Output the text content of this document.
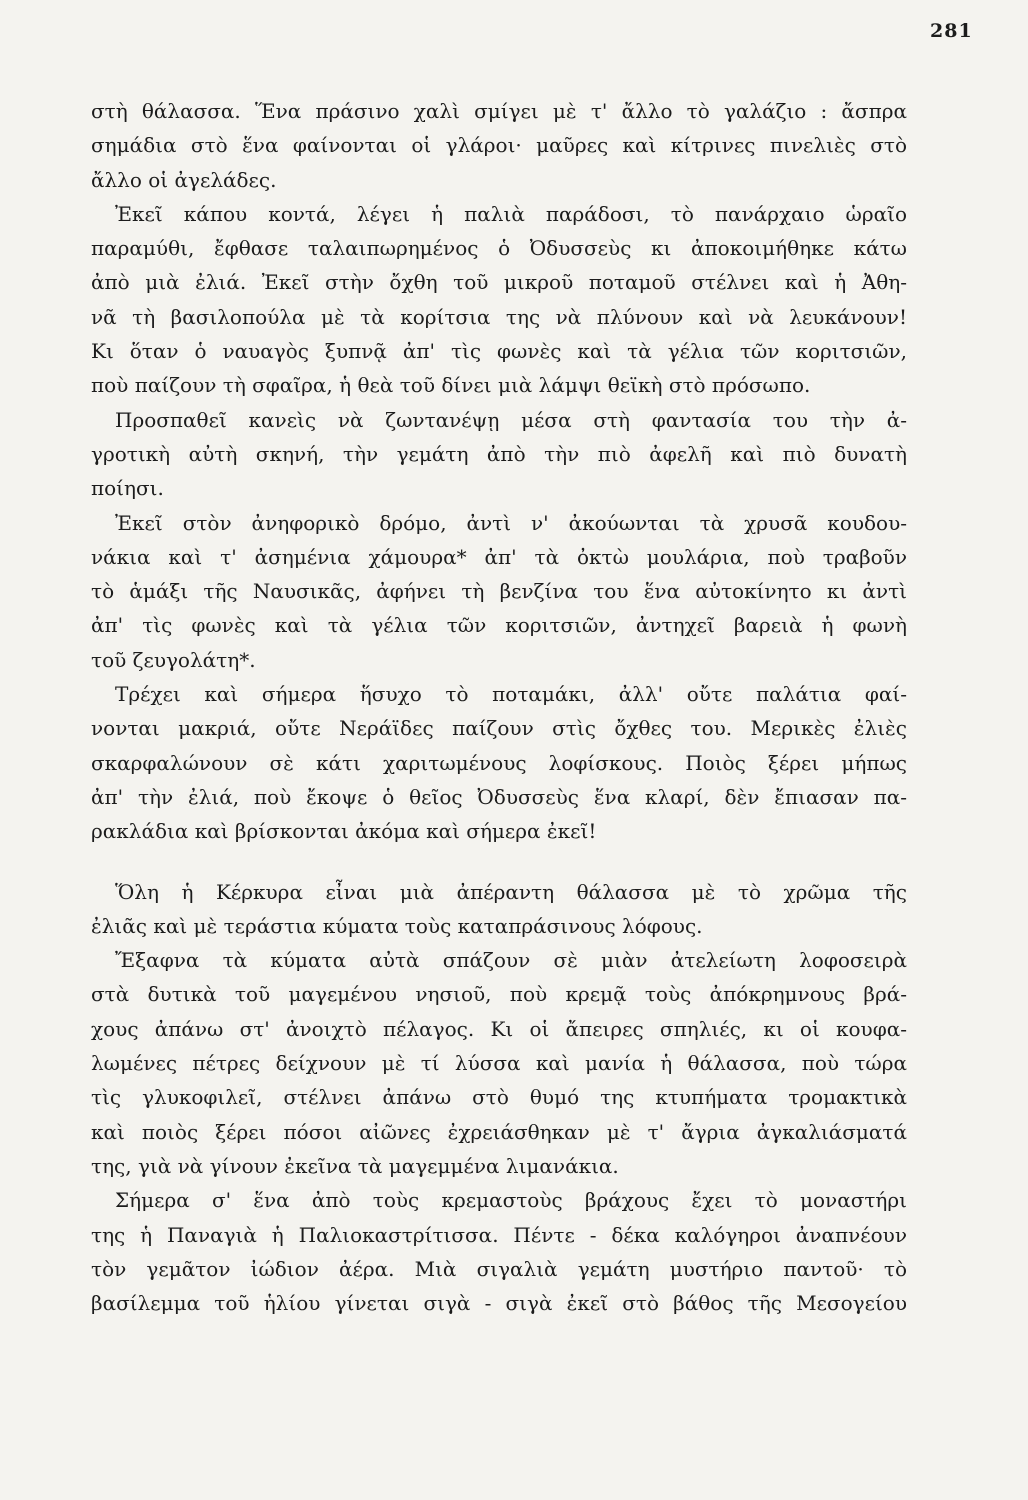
281
στὴ θάλασσα. Ἕνα πράσινο χαλὶ σμίγει μὲ τ' ἄλλο τὸ γαλάζιο : ἄσπρα
σημάδια στὸ ἕνα φαίνονται οἱ γλάροι· μαῦρες καὶ κίτρινες πινελιὲς στὸ
ἄλλο οἱ ἀγελάδες.
Ἐκεῖ κάπου κοντά, λέγει ἡ παλιὰ παράδοσι, τὸ πανάρχαιο ὡραῖο
παραμύθι, ἔφθασε ταλαιπωρημένος ὁ Ὀδυσσεὺς κι ἀποκοιμήθηκε κάτω
ἀπὸ μιὰ ἐλιά. Ἐκεῖ στὴν ὄχθη τοῦ μικροῦ ποταμοῦ στέλνει καὶ ἡ Ἀθη-
νᾶ τὴ βασιλοπούλα μὲ τὰ κορίτσια της νὰ πλύνουν καὶ νὰ λευκάνουν!
Κι ὅταν ὁ ναυαγὸς ξυπνᾷ ἀπ' τὶς φωνὲς καὶ τὰ γέλια τῶν κοριτσιῶν,
ποὺ παίζουν τὴ σφαῖρα, ἡ θεὰ τοῦ δίνει μιὰ λάμψι θεϊκὴ στὸ πρόσωπο.
Προσπαθεῖ κανεὶς νὰ ζωντανέψῃ μέσα στὴ φαντασία του τὴν ἀ-
γροτικὴ αὐτὴ σκηνή, τὴν γεμάτη ἀπὸ τὴν πιὸ ἀφελῆ καὶ πιὸ δυνατὴ
ποίησι.
Ἐκεῖ στὸν ἀνηφορικὸ δρόμο, ἀντὶ ν' ἀκούωνται τὰ χρυσᾶ κουδου-
νάκια καὶ τ' ἀσημένια χάμουρα* ἀπ' τὰ ὀκτὼ μουλάρια, ποὺ τραβοῦν
τὸ ἁμάξι τῆς Ναυσικᾶς, ἀφήνει τὴ βενζίνα του ἕνα αὐτοκίνητο κι ἀντὶ
ἀπ' τὶς φωνὲς καὶ τὰ γέλια τῶν κοριτσιῶν, ἀντηχεῖ βαρειὰ ἡ φωνὴ
τοῦ ζευγολάτη*.
Τρέχει καὶ σήμερα ἥσυχο τὸ ποταμάκι, ἀλλ' οὔτε παλάτια φαί-
νονται μακριά, οὔτε Νεράϊδες παίζουν στὶς ὄχθες του. Μερικὲς ἐλιὲς
σκαρφαλώνουν σὲ κάτι χαριτωμένους λοφίσκους. Ποιὸς ξέρει μήπως
ἀπ' τὴν ἐλιά, ποὺ ἔκοψε ὁ θεῖος Ὀδυσσεὺς ἕνα κλαρί, δὲν ἔπιασαν πα-
ρακλάδια καὶ βρίσκονται ἀκόμα καὶ σήμερα ἐκεῖ!
Ὅλη ἡ Κέρκυρα εἶναι μιὰ ἀπέραντη θάλασσα μὲ τὸ χρῶμα τῆς
ἐλιᾶς καὶ μὲ τεράστια κύματα τοὺς καταπράσινους λόφους.
Ἔξαφνα τὰ κύματα αὐτὰ σπάζουν σὲ μιὰν ἀτελείωτη λοφοσειρὰ
στὰ δυτικὰ τοῦ μαγεμένου νησιοῦ, ποὺ κρεμᾷ τοὺς ἀπόκρημνους βρά-
χους ἀπάνω στ' ἀνοιχτὸ πέλαγος. Κι οἱ ἄπειρες σπηλιές, κι οἱ κουφα-
λωμένες πέτρες δείχνουν μὲ τί λύσσα καὶ μανία ἡ θάλασσα, ποὺ τώρα
τὶς γλυκοφιλεῖ, στέλνει ἀπάνω στὸ θυμό της κτυπήματα τρομακτικὰ
καὶ ποιὸς ξέρει πόσοι αἰῶνες ἐχρειάσθηκαν μὲ τ' ἄγρια ἀγκαλιάσματά
της, γιὰ νὰ γίνουν ἐκεῖνα τὰ μαγεμμένα λιμανάκια.
Σήμερα σ' ἕνα ἀπὸ τοὺς κρεμαστοὺς βράχους ἔχει τὸ μοναστήρι
της ἡ Παναγιὰ ἡ Παλιοκαστρίτισσα. Πέντε - δέκα καλόγηροι ἀναπνέουν
τὸν γεμᾶτον ἰώδιον ἀέρα. Μιὰ σιγαλιὰ γεμάτη μυστήριο παντοῦ· τὸ
βασίλεμμα τοῦ ἡλίου γίνεται σιγὰ - σιγὰ ἐκεῖ στὸ βάθος τῆς Μεσογείου
